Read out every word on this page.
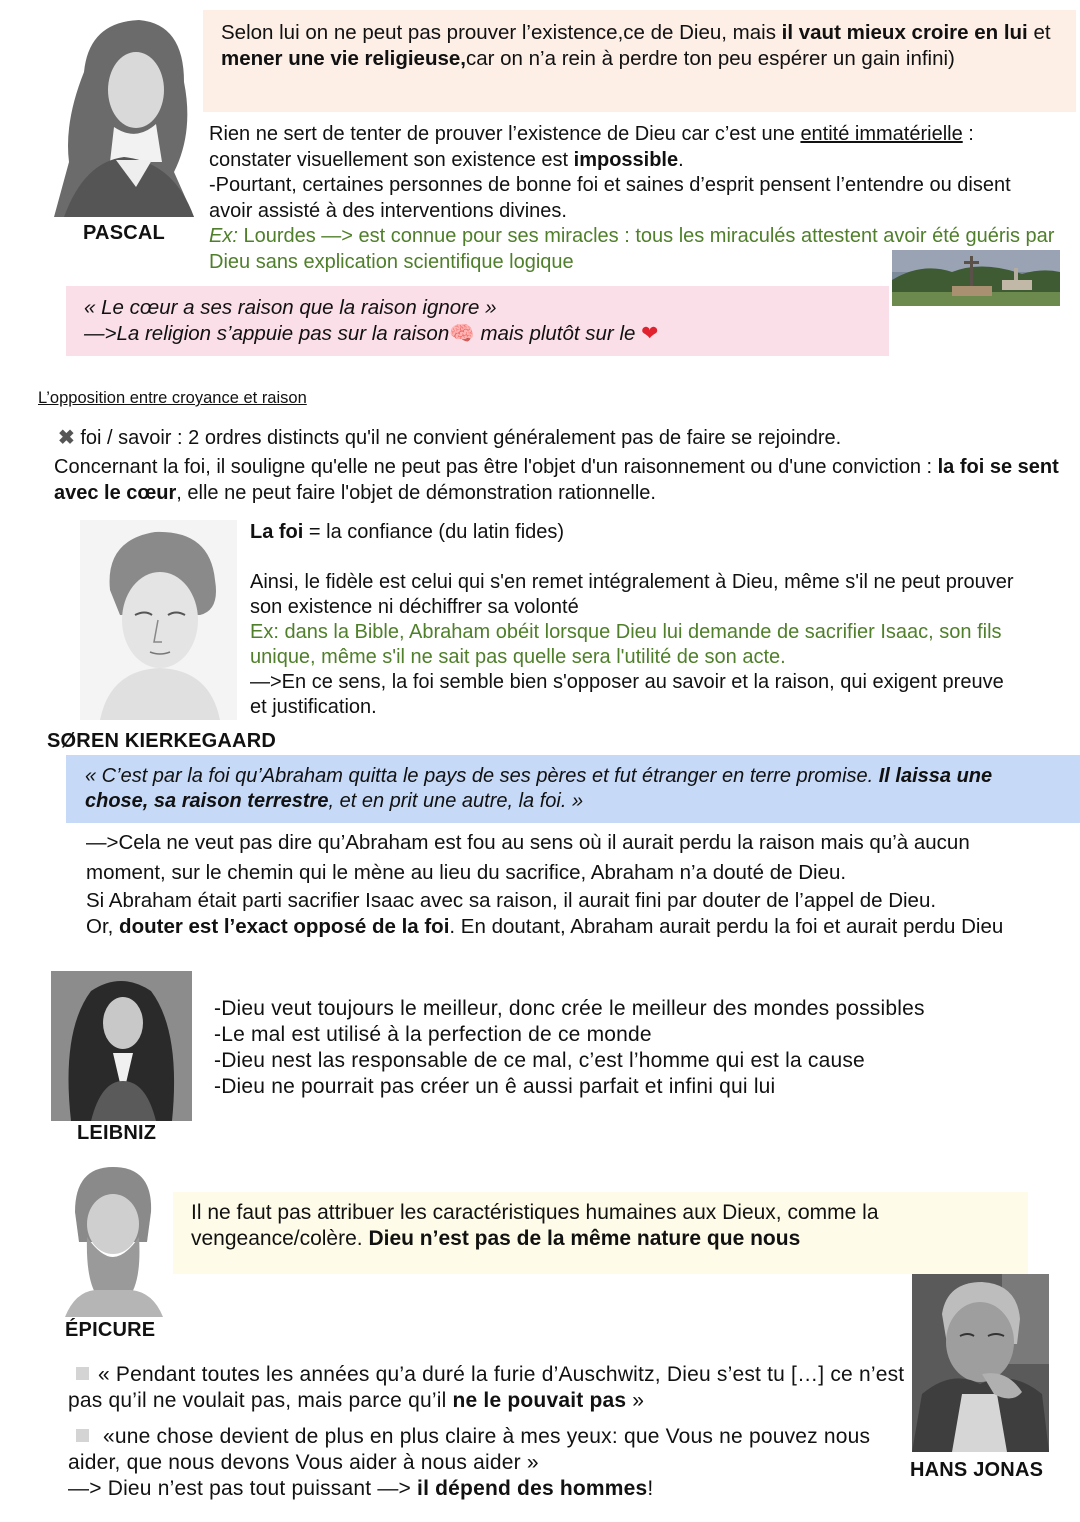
PASCAL
Selon lui on ne peut pas prouver l’existence,ce de Dieu, mais il vaut mieux croire en lui et mener une vie religieuse,car on n’a rein à perdre ton peu espérer un gain infini)
Rien ne sert de tenter de prouver l’existence de Dieu car c’est une entité immatérielle :
constater visuellement son existence est impossible.

-Pourtant, certaines personnes de bonne foi et saines d’esprit pensent l’entendre ou disent avoir assisté à des interventions divines.
Ex: Lourdes —> est connue pour ses miracles : tous les miraculés attestent avoir été guéris par Dieu sans explication scientifique logique
« Le cœur a ses raison que la raison ignore »
—>La religion s’appuie pas sur la raison🧠 mais plutôt sur le ❤
L’opposition entre croyance et raison
✖ foi / savoir : 2 ordres distincts qu'il ne convient généralement pas de faire se rejoindre.
Concernant la foi, il souligne qu'elle ne peut pas être l'objet d'un raisonnement ou d'une conviction : la foi se sent avec le cœur, elle ne peut faire l'objet de démonstration rationnelle.
SØREN KIERKEGAARD
La foi = la confiance (du latin fides)
Ainsi, le fidèle est celui qui s'en remet intégralement à Dieu, même s'il ne peut prouver son existence ni déchiffrer sa volonté
Ex: dans la Bible, Abraham obéit lorsque Dieu lui demande de sacrifier Isaac, son fils unique, même s'il ne sait pas quelle sera l'utilité de son acte.
—>En ce sens, la foi semble bien s'opposer au savoir et la raison, qui exigent preuve et justification.
« C’est par la foi qu’Abraham quitta le pays de ses pères et fut étranger en terre promise. Il laissa une chose, sa raison terrestre, et en prit une autre, la foi. »
—>Cela ne veut pas dire qu’Abraham est fou au sens où il aurait perdu la raison mais qu’à aucun moment, sur le chemin qui le mène au lieu du sacrifice, Abraham n’a douté de Dieu.
Si Abraham était parti sacrifier Isaac avec sa raison, il aurait fini par douter de l’appel de Dieu.
Or, douter est l’exact opposé de la foi. En doutant, Abraham aurait perdu la foi et aurait perdu Dieu
LEIBNIZ
-Dieu veut toujours le meilleur, donc crée le meilleur des mondes possibles
-Le mal est utilisé à la perfection de ce monde
-Dieu nest las responsable de ce mal, c’est l’homme qui est la cause
-Dieu ne pourrait pas créer un ê aussi parfait et infini qui lui
ÉPICURE
Il ne faut pas attribuer les caractéristiques humaines aux Dieux, comme la vengeance/colère. Dieu n’est pas de la même nature que nous
HANS JONAS
« Pendant toutes les années qu’a duré la furie d’Auschwitz, Dieu s’est tu […] ce n’est pas qu’il ne voulait pas, mais parce qu’il ne le pouvait pas »
«une chose devient de plus en plus claire à mes yeux: que Vous ne pouvez nous aider, que nous devons Vous aider à nous aider »
—> Dieu n’est pas tout puissant —> il dépend des hommes!
